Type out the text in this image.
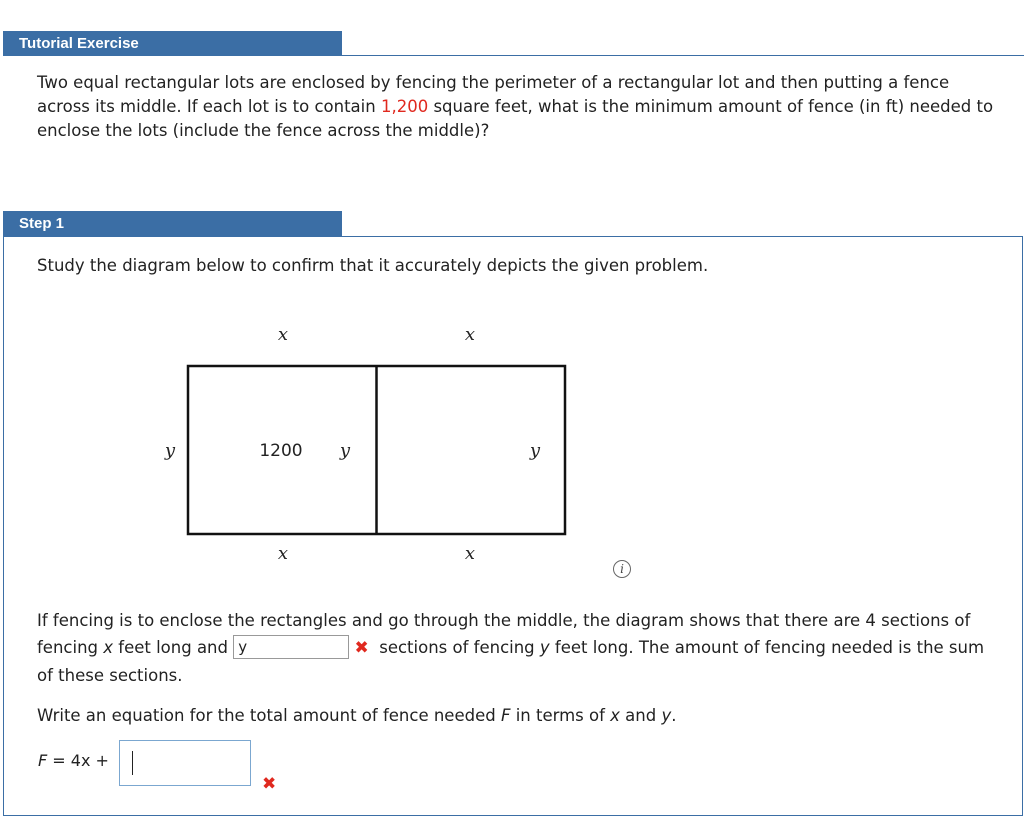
Tutorial Exercise
Two equal rectangular lots are enclosed by fencing the perimeter of a rectangular lot and then putting a fence across its middle. If each lot is to contain 1,200 square feet, what is the minimum amount of fence (in ft) needed to enclose the lots (include the fence across the middle)?
Step 1
Study the diagram below to confirm that it accurately depicts the given problem.
x	x
y	1200 y	y
x	x
i
If fencing is to enclose the rectangles and go through the middle, the diagram shows that there are 4 sections of fencing x feet long and y	✖ sections of fencing y feet long. The amount of fencing needed is the sum of these sections.
Write an equation for the total amount of fence needed F in terms of x and y.
F = 4x +
✖
